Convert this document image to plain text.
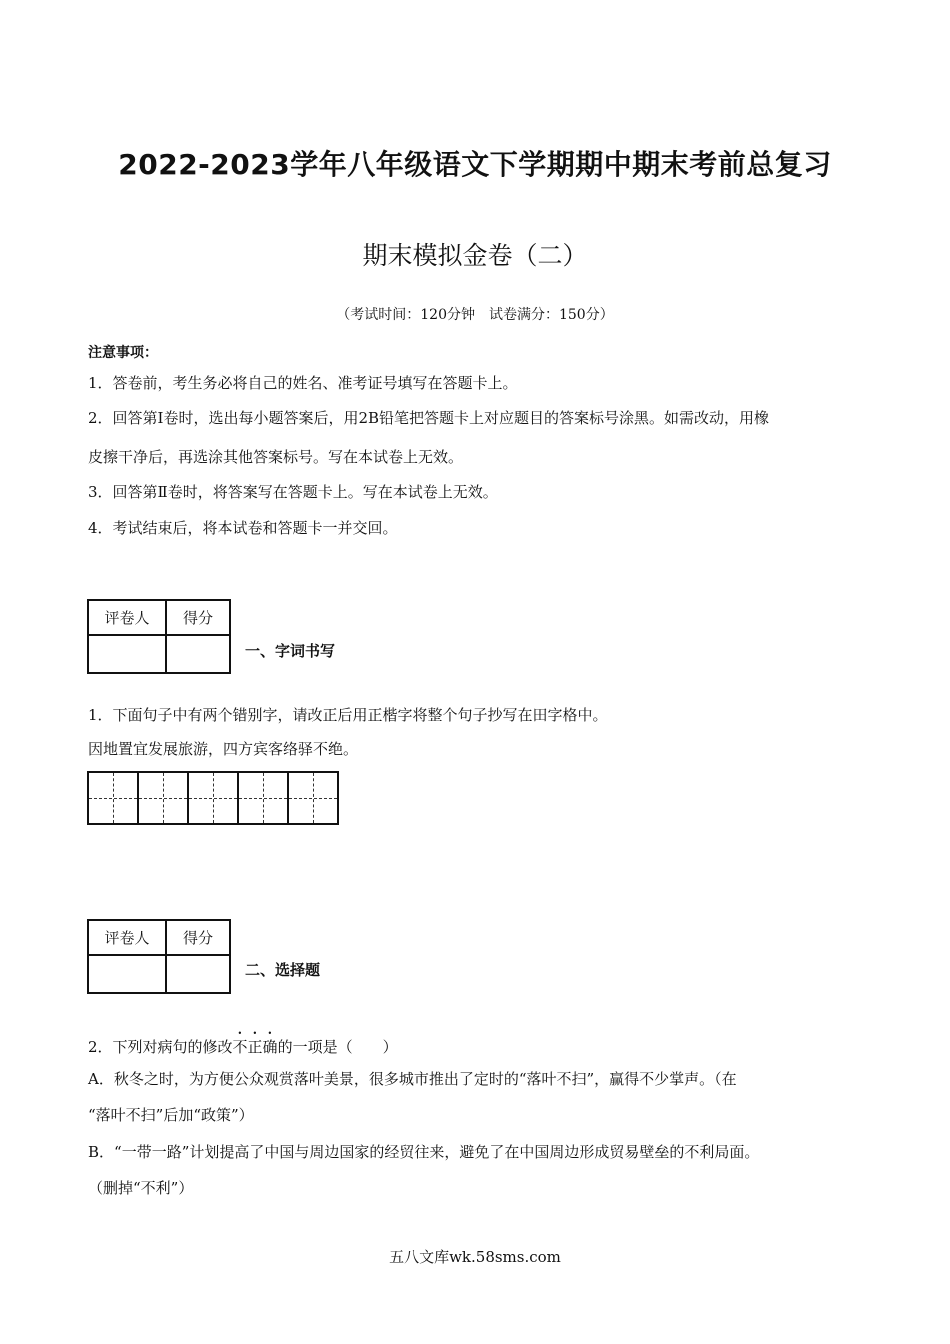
2022-2023学年八年级语文下学期期中期末考前总复习
期末模拟金卷（二）
（考试时间：120分钟　试卷满分：150分）
注意事项：
1．答卷前，考生务必将自己的姓名、准考证号填写在答题卡上。
2．回答第Ⅰ卷时，选出每小题答案后，用2B铅笔把答题卡上对应题目的答案标号涂黑。如需改动，用橡
皮擦干净后，再选涂其他答案标号。写在本试卷上无效。
3．回答第Ⅱ卷时，将答案写在答题卡上。写在本试卷上无效。
4．考试结束后，将本试卷和答题卡一并交回。
评卷人	得分

一、字词书写
1．下面句子中有两个错别字，请改正后用正楷字将整个句子抄写在田字格中。
因地置宜发展旅游，四方宾客络驿不绝。
评卷人	得分

二、选择题
2．下列对病句的修改不正确的一项是（　　）
A．秋冬之时，为方便公众观赏落叶美景，很多城市推出了定时的“落叶不扫”，赢得不少掌声。（在
“落叶不扫”后加“政策”）
B．“一带一路”计划提高了中国与周边国家的经贸往来，避免了在中国周边形成贸易壁垒的不利局面。
（删掉“不利”）
五八文库wk.58sms.com
